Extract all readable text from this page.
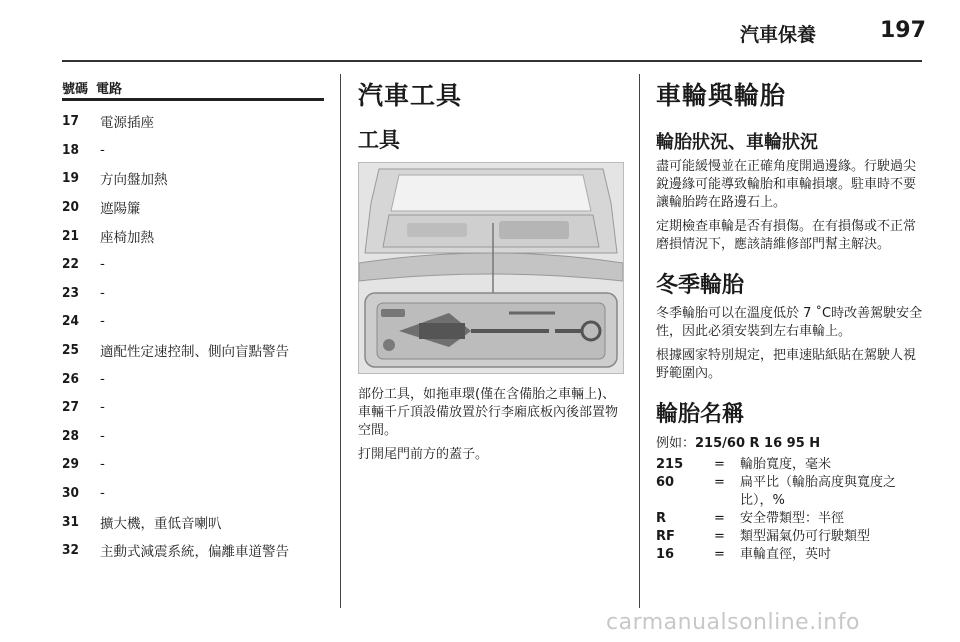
汽車保養	197
號碼 電路
17	電源插座
18	-
19	方向盤加熱
20	遮陽簾
21	座椅加熱
22	-
23	-
24	-
25	適配性定速控制、側向盲點警告
26	-
27	-
28	-
29	-
30	-
31	擴大機，重低音喇叭
32	主動式減震系統，偏離車道警告
汽車工具
工具

部份工具，如拖車環(僅在含備胎之車輛上)、車輛千斤頂設備放置於行李廂底板內後部置物空間。

打開尾門前方的蓋子。

車輪與輪胎
輪胎狀況、車輪狀況

盡可能緩慢並在正確角度開過邊緣。行駛過尖銳邊緣可能導致輪胎和車輪損壞。駐車時不要讓輪胎跨在路邊石上。

定期檢查車輪是否有損傷。在有損傷或不正常磨損情況下，應該請維修部門幫主解決。

冬季輪胎

冬季輪胎可以在溫度低於 7 ˚C時改善駕駛安全性，因此必須安裝到左右車輪上。

根據國家特別規定，把車速貼紙貼在駕駛人視野範圍內。

輪胎名稱
例如：215/60 R 16 95 H
215	=	輪胎寬度，毫米
60	=	扁平比（輪胎高度與寬度之比），%
R	=	安全帶類型：半徑
RF	=	類型漏氣仍可行駛類型
16	=	車輪直徑，英吋
carmanualsonline.info
